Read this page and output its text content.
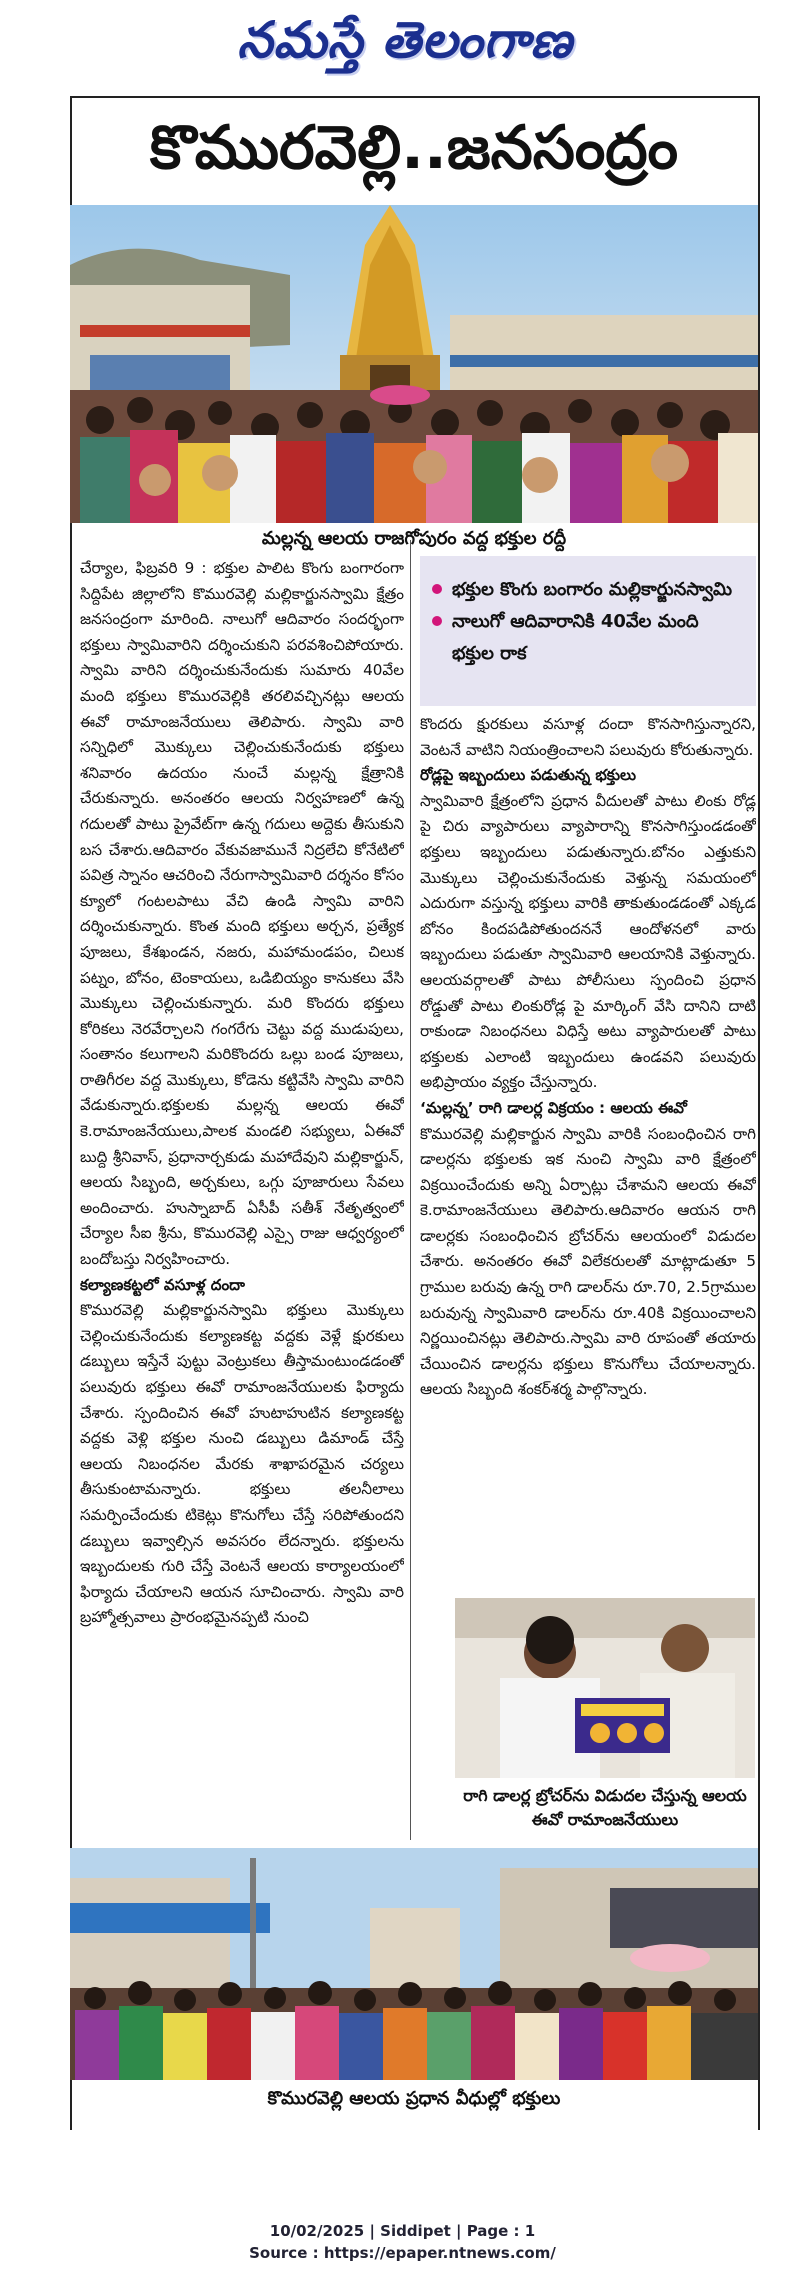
నమస్తే తెలంగాణ
కొమురవెల్లి..జనసంద్రం
మల్లన్న ఆలయ రాజగోపురం వద్ద భక్తుల రద్దీ
భక్తుల కొంగు బంగారం మల్లికార్జునస్వామి
నాలుగో ఆదివారానికి 40వేల మంది భక్తుల రాక

చేర్యాల, ఫిబ్రవరి 9 : భక్తుల పాలిట కొంగు బంగారంగా సిద్దిపేట జిల్లాలోని కొమురవెల్లి మల్లికార్జునస్వామి క్షేత్రం జనసంద్రంగా మారింది. నాలుగో ఆదివారం సందర్భంగా భక్తులు స్వామివారిని దర్శించుకుని పరవశించిపోయారు. స్వామి వారిని దర్శించుకునేందుకు సుమారు 40వేల మంది భక్తులు కొమురవెల్లికి తరలివచ్చినట్లు ఆలయ ఈవో రామాంజనేయులు తెలిపారు. స్వామి వారి సన్నిధిలో మొక్కులు చెల్లించుకునేందుకు భక్తులు శనివారం ఉదయం నుంచే మల్లన్న క్షేత్రానికి చేరుకున్నారు. అనంతరం ఆలయ నిర్వహణలో ఉన్న గదులతో పాటు ప్రైవేట్‌గా ఉన్న గదులు అద్దెకు తీసుకుని బస చేశారు.ఆదివారం వేకువజామునే నిద్రలేచి కోనేటిలో పవిత్ర స్నానం ఆచరించి నేరుగాస్వామివారి దర్శనం కోసం క్యూలో గంటలపాటు వేచి ఉండి స్వామి వారిని దర్శించుకున్నారు. కొంత మంది భక్తులు అర్చన, ప్రత్యేక పూజలు, కేశఖండన, నజరు, మహామండపం, చిలుక పట్నం, బోనం, టెంకాయలు, ఒడిబియ్యం కానుకలు వేసి మొక్కులు చెల్లించుకున్నారు. మరి కొందరు భక్తులు కోరికలు నెరవేర్చాలని గంగరేగు చెట్టు వద్ద ముడుపులు, సంతానం కలుగాలని మరికొందరు ఒల్లు బండ పూజలు, రాతిగీరల వద్ద మొక్కులు, కోడెను కట్టివేసి స్వామి వారిని వేడుకున్నారు.భక్తులకు మల్లన్న ఆలయ ఈవో కె.రామాంజనేయులు,పాలక మండలి సభ్యులు, ఏఈవో బుద్ది శ్రీనివాస్, ప్రధానార్చకుడు మహాదేవుని మల్లికార్జున్, ఆలయ సిబ్బంది, అర్చకులు, ఒగ్గు పూజారులు సేవలు అందించారు. హుస్నాబాద్ ఏసీపీ సతీశ్ నేతృత్వంలో చేర్యాల సీఐ శ్రీను, కొమురవెల్లి ఎస్సై రాజు ఆధ్వర్యంలో బందోబస్తు నిర్వహించారు.

కల్యాణకట్టలో వసూళ్ల దందా

కొమురవెల్లి మల్లికార్జునస్వామి భక్తులు మొక్కులు చెల్లించుకునేందుకు కల్యాణకట్ట వద్దకు వెళ్లే క్షురకులు డబ్బులు ఇస్తేనే పుట్టు వెంట్రుకలు తీస్తామంటుండడంతో పలువురు భక్తులు ఈవో రామాంజనేయులకు ఫిర్యాదు చేశారు. స్పందించిన ఈవో హుటాహుటిన కల్యాణకట్ట వద్దకు వెళ్లి భక్తుల నుంచి డబ్బులు డిమాండ్ చేస్తే ఆలయ నిబంధనల మేరకు శాఖాపరమైన చర్యలు తీసుకుంటామన్నారు. భక్తులు తలనీలాలు సమర్పించేందుకు టికెట్లు కొనుగోలు చేస్తే సరిపోతుందని డబ్బులు ఇవ్వాల్సిన అవసరం లేదన్నారు. భక్తులను ఇబ్బందులకు గురి చేస్తే వెంటనే ఆలయ కార్యాలయంలో ఫిర్యాదు చేయాలని ఆయన సూచించారు. స్వామి వారి బ్రహ్మోత్సవాలు ప్రారంభమైనప్పటి నుంచి

కొందరు క్షురకులు వసూళ్ల దందా కొనసాగిస్తున్నారని, వెంటనే వాటిని నియంత్రించాలని పలువురు కోరుతున్నారు.

రోడ్లపై ఇబ్బందులు పడుతున్న భక్తులు

స్వామివారి క్షేత్రంలోని ప్రధాన వీదులతో పాటు లింకు రోడ్ల పై చిరు వ్యాపారులు వ్యాపారాన్ని కొనసాగిస్తుండడంతో భక్తులు ఇబ్బందులు పడుతున్నారు.బోనం ఎత్తుకుని మొక్కులు చెల్లించుకునేందుకు వెళ్తున్న సమయంలో ఎదురుగా వస్తున్న భక్తులు వారికి తాకుతుండడంతో ఎక్కడ బోనం కిందపడిపోతుందననే ఆందోళనలో వారు ఇబ్బందులు పడుతూ స్వామివారి ఆలయానికి వెళ్తున్నారు. ఆలయవర్గాలతో పాటు పోలీసులు స్పందించి ప్రధాన రోడ్డుతో పాటు లింకురోడ్ల పై మార్కింగ్ వేసి దానిని దాటి రాకుండా నిబంధనలు విధిస్తే అటు వ్యాపారులతో పాటు భక్తులకు ఎలాంటి ఇబ్బందులు ఉండవని పలువురు అభిప్రాయం వ్యక్తం చేస్తున్నారు.

‘మల్లన్న’ రాగి డాలర్ల విక్రయం : ఆలయ ఈవో

కొమురవెల్లి మల్లికార్జున స్వామి వారికి సంబంధించిన రాగి డాలర్లను భక్తులకు ఇక నుంచి స్వామి వారి క్షేత్రంలో విక్రయించేందుకు అన్ని ఏర్పాట్లు చేశామని ఆలయ ఈవో కె.రామాంజనేయులు తెలిపారు.ఆదివారం ఆయన రాగి డాలర్లకు సంబంధించిన బ్రోచర్‌ను ఆలయంలో విడుదల చేశారు. అనంతరం ఈవో విలేకరులతో మాట్లాడుతూ 5 గ్రాముల బరువు ఉన్న రాగి డాలర్‌ను రూ.70, 2.5గ్రాముల బరువున్న స్వామివారి డాలర్‌ను రూ.40కి విక్రయించాలని నిర్ణయించినట్లు తెలిపారు.స్వామి వారి రూపంతో తయారు చేయించిన డాలర్లను భక్తులు కొనుగోలు చేయాలన్నారు. ఆలయ సిబ్బంది శంకర్‌శర్మ పాల్గొన్నారు.

రాగి డాలర్ల బ్రోచర్‌ను విడుదల చేస్తున్న ఆలయ ఈవో రామాంజనేయులు
కొమురవెల్లి ఆలయ ప్రధాన వీధుల్లో భక్తులు
10/02/2025 | Siddipet | Page : 1
Source : https://epaper.ntnews.com/
